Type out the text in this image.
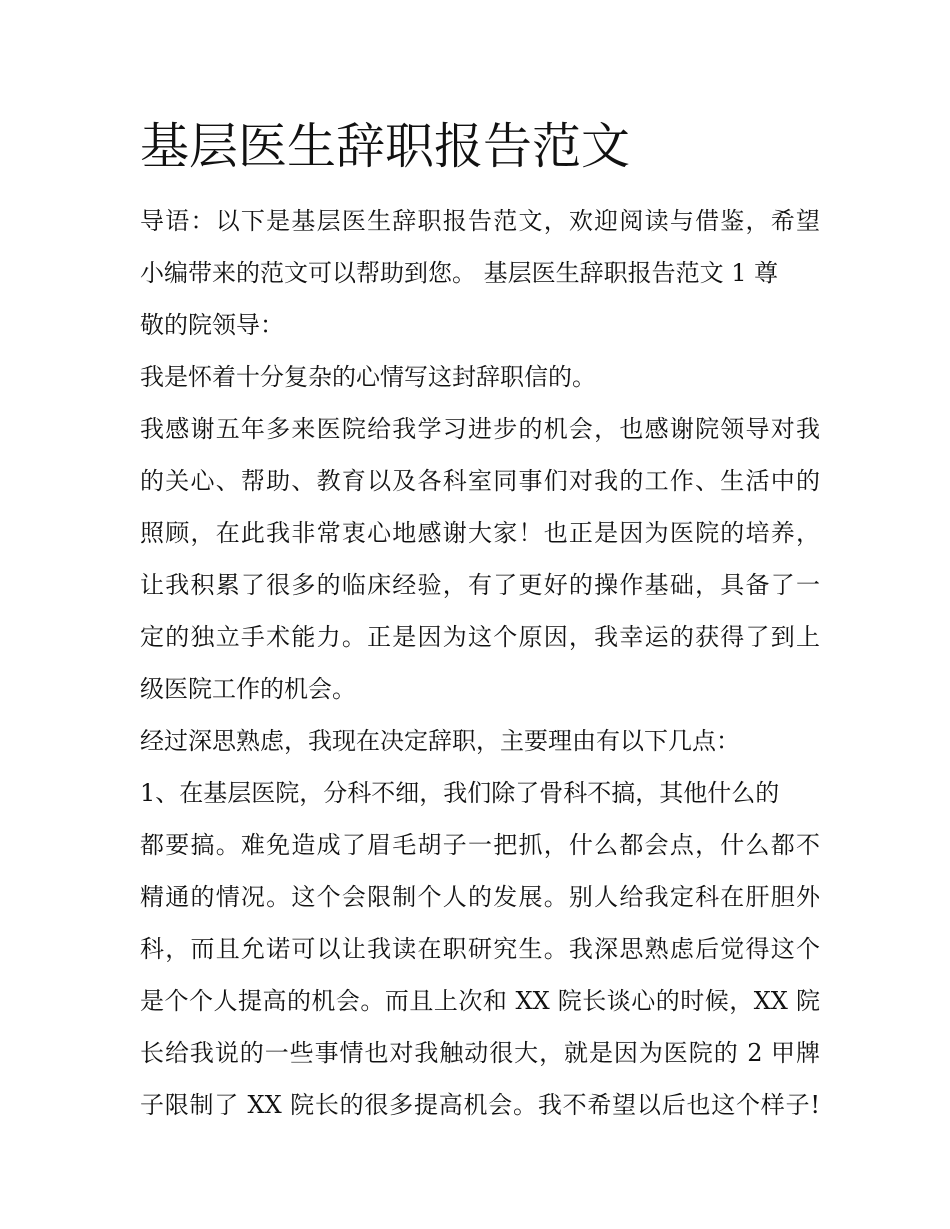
基层医生辞职报告范文
导语：以下是基层医生辞职报告范文，欢迎阅读与借鉴，希望
小编带来的范文可以帮助到您。 基层医生辞职报告范文 1 尊
敬的院领导：
我是怀着十分复杂的心情写这封辞职信的。
我感谢五年多来医院给我学习进步的机会，也感谢院领导对我
的关心、帮助、教育以及各科室同事们对我的工作、生活中的
照顾，在此我非常衷心地感谢大家！也正是因为医院的培养，
让我积累了很多的临床经验，有了更好的操作基础，具备了一
定的独立手术能力。正是因为这个原因，我幸运的获得了到上
级医院工作的机会。
经过深思熟虑，我现在决定辞职，主要理由有以下几点：
1、在基层医院，分科不细，我们除了骨科不搞，其他什么的
都要搞。难免造成了眉毛胡子一把抓，什么都会点，什么都不
精通的情况。这个会限制个人的发展。别人给我定科在肝胆外
科，而且允诺可以让我读在职研究生。我深思熟虑后觉得这个
是个个人提高的机会。而且上次和 XX 院长谈心的时候，XX 院
长给我说的一些事情也对我触动很大，就是因为医院的 2 甲牌
子限制了 XX 院长的很多提高机会。我不希望以后也这个样子!
